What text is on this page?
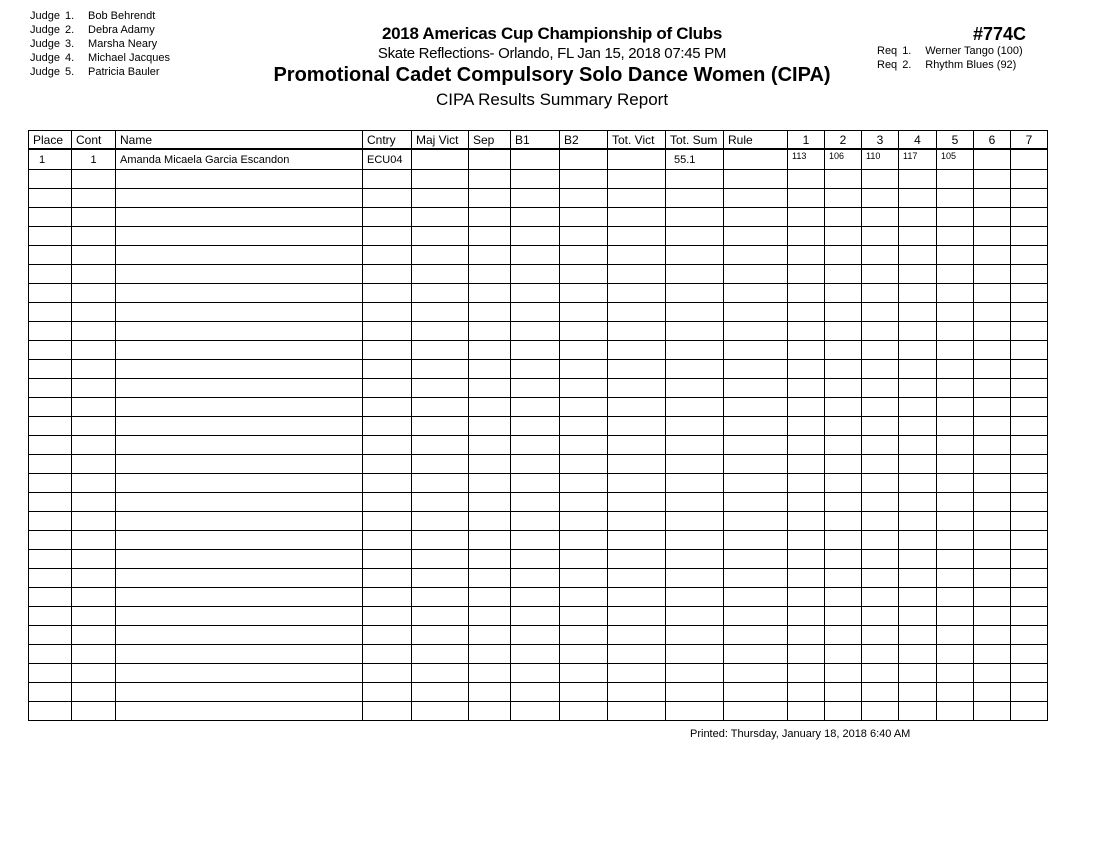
Judge 1. Bob Behrendt
Judge 2. Debra Adamy
Judge 3. Marsha Neary
Judge 4. Michael Jacques
Judge 5. Patricia Bauler
2018 Americas Cup Championship of Clubs
Skate Reflections- Orlando, FL Jan 15, 2018 07:45 PM
Promotional Cadet Compulsory Solo Dance Women (CIPA)
CIPA Results Summary Report
#774C
Req 1. Werner Tango (100)
Req 2. Rhythm Blues (92)
Place	Cont	Name	Cntry	Maj Vict	Sep	B1	B2	Tot. Vict	Tot. Sum	Rule	1	2	3	4	5	6	7
1	1	Amanda Micaela Garcia Escandon	ECU04						55.1		113	106	110	117	105		

Printed: Thursday, January 18, 2018 6:40 AM
